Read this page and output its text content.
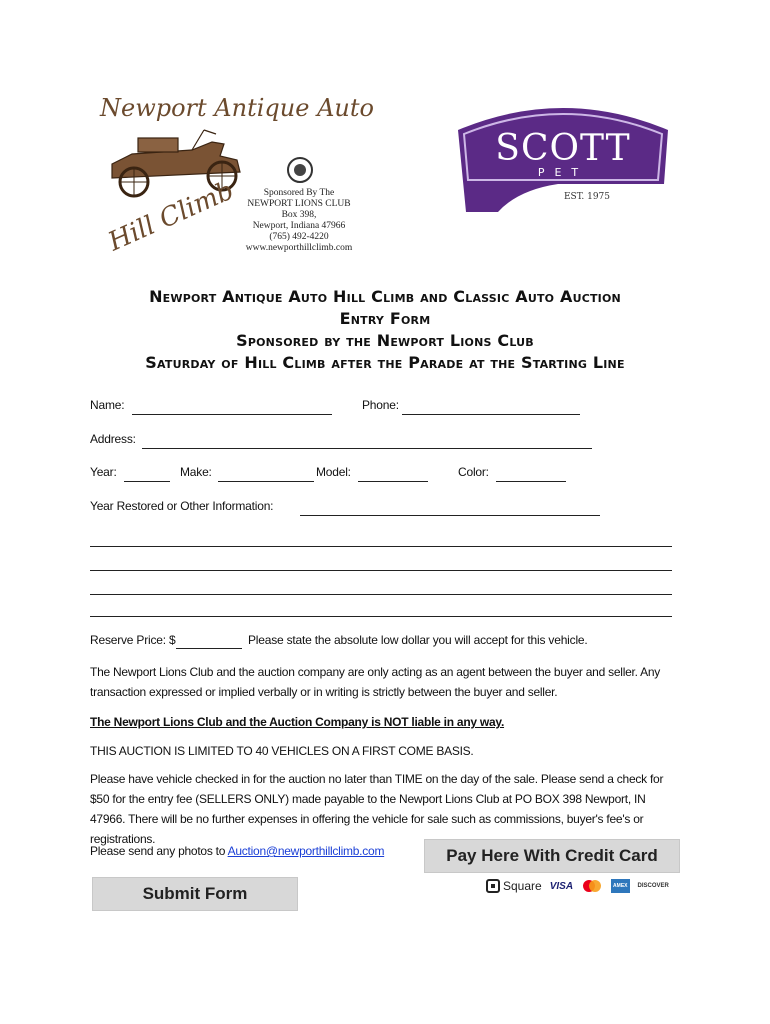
Newport Antique Auto
Hill Climb	Sponsored By The
NEWPORT LIONS CLUB
Box 398,
Newport, Indiana 47966
(765) 492-4220
www.newporthillclimb.com
SCOTT
PET
EST. 1975
Newport Antique Auto Hill Climb and Classic Auto Auction
Entry Form
Sponsored by the Newport Lions Club
Saturday of Hill Climb after the Parade at the Starting Line
Name:	Phone:
Address:
Year:	Make:	Model:	Color:
Year Restored or Other Information:
Reserve Price: $	Please state the absolute low dollar you will accept for this vehicle.
The Newport Lions Club and the auction company are only acting as an agent between the buyer and seller. Any transaction expressed or implied verbally or in writing is strictly between the buyer and seller.
The Newport Lions Club and the Auction Company is NOT liable in any way.
THIS AUCTION IS LIMITED TO 40 VEHICLES ON A FIRST COME BASIS.
Please have vehicle checked in for the auction no later than TIME on the day of the sale. Please send a check for $50 for the entry fee (SELLERS ONLY) made payable to the Newport Lions Club at PO BOX 398 Newport, IN 47966. There will be no further expenses in offering the vehicle for sale such as commissions, buyer's fee's or registrations.
Please send any photos to Auction@newporthillclimb.com	Pay Here With Credit Card
Submit Form	Square VISA	AMEX	DISCOVER
